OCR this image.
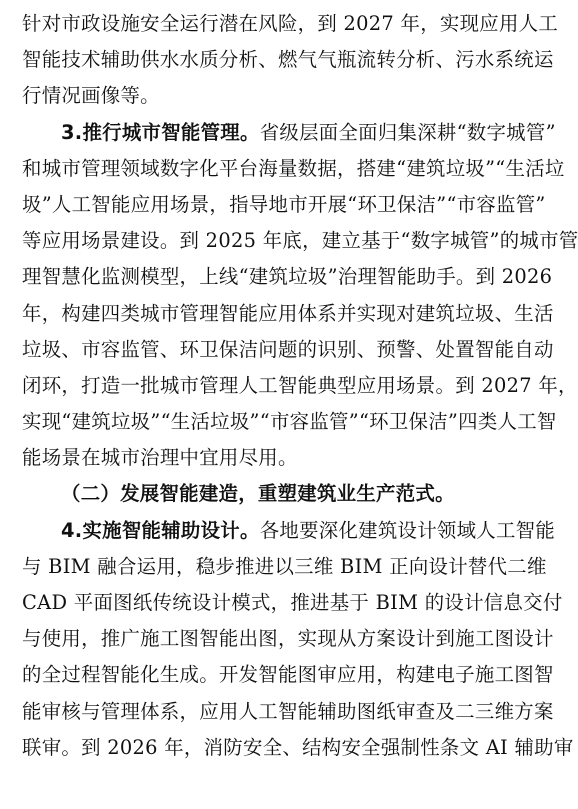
针对市政设施安全运行潜在风险，到 2027 年，实现应用人工
智能技术辅助供水水质分析、燃气气瓶流转分析、污水系统运
行情况画像等。
3.推行城市智能管理。省级层面全面归集深耕“数字城管”
和城市管理领域数字化平台海量数据，搭建“建筑垃圾”“生活垃
圾”人工智能应用场景，指导地市开展“环卫保洁”“市容监管”
等应用场景建设。到 2025 年底，建立基于“数字城管”的城市管
理智慧化监测模型，上线“建筑垃圾”治理智能助手。到 2026
年，构建四类城市管理智能应用体系并实现对建筑垃圾、生活
垃圾、市容监管、环卫保洁问题的识别、预警、处置智能自动
闭环，打造一批城市管理人工智能典型应用场景。到 2027 年，
实现“建筑垃圾”“生活垃圾”“市容监管”“环卫保洁”四类人工智
能场景在城市治理中宜用尽用。
（二）发展智能建造，重塑建筑业生产范式。
4.实施智能辅助设计。各地要深化建筑设计领域人工智能
与 BIM 融合运用，稳步推进以三维 BIM 正向设计替代二维
CAD 平面图纸传统设计模式，推进基于 BIM 的设计信息交付
与使用，推广施工图智能出图，实现从方案设计到施工图设计
的全过程智能化生成。开发智能图审应用，构建电子施工图智
能审核与管理体系，应用人工智能辅助图纸审查及二三维方案
联审。到 2026 年，消防安全、结构安全强制性条文 AI 辅助审
